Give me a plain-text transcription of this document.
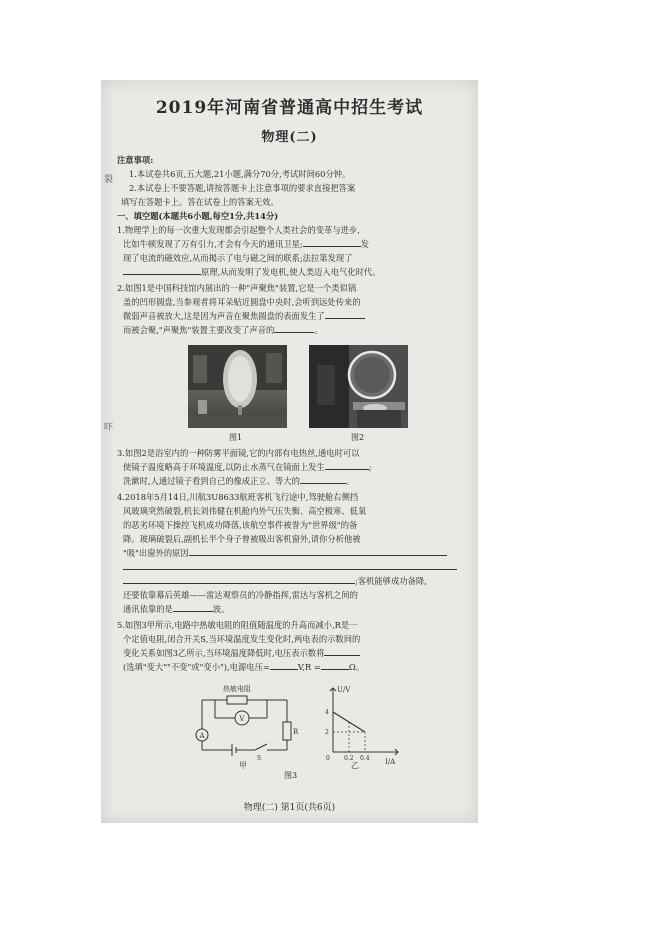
裂
吓
2019年河南省普通高中招生考试
物理(二)
注意事项:
1.本试卷共6页,五大题,21小题,满分70分,考试时间60分钟。
2.本试卷上不要答题,请按答题卡上注意事项的要求直接把答案
填写在答题卡上。答在试卷上的答案无效。
一、填空题(本题共6小题,每空1分,共14分)
1.物理学上的每一次重大发现都会引起整个人类社会的变革与进步,
比如牛顿发现了万有引力,才会有今天的通讯卫星;	发
现了电流的磁效应,从而揭示了电与磁之间的联系;法拉第发现了
原理,从而发明了发电机,使人类迈入电气化时代。
2.如图1是中国科技馆内展出的一种"声聚焦"装置,它是一个类似锅
盖的凹形圆盘,当参观者将耳朵贴近圆盘中央时,会听到远处传来的
微弱声音被放大,这是因为声音在聚焦圆盘的表面发生了
而被会聚,"声聚焦"装置主要改变了声音的	。
图1	图2
3.如图2是浴室内的一种防雾平面镜,它的内部有电热丝,通电时可以
使镜子温度略高于环境温度,以防止水蒸气在镜面上发生	;
洗漱时,人通过镜子看到自己的像成正立、等大的	。
4.2018年5月14日,川航3U8633航班客机飞行途中,驾驶舱右侧挡
风玻璃突然破裂,机长刘伟健在机舱内外气压失衡、高空极寒、低氧
的恶劣环境下操控飞机成功降落,该航空事件被誉为"世界级"的备
降。玻璃破裂后,副机长半个身子曾被吸出客机窗外,请你分析他被
"吸"出窗外的原因
;客机能够成功备降,
还要依靠幕后英雄——雷达观察员的冷静指挥,雷达与客机之间的
通讯依靠的是	波。
5.如图3甲所示,电路中热敏电阻的阻值随温度的升高而减小,R是一
个定值电阻,闭合开关S,当环境温度发生变化时,两电表的示数间的
变化关系如图3乙所示,当环境温度降低时,电压表示数将
(选填"变大""不变"或"变小"),电源电压=	V,R =	Ω。
热敏电阻
V
A	R
S
甲
0 0.2 0.4
2
4
U/V
I/A
乙
图3
物理(二) 第1页(共6页)
